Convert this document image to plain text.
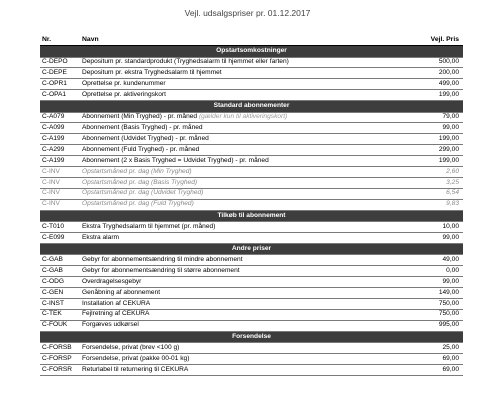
Vejl. udsalgspriser pr. 01.12.2017
Nr.	Navn	Vejl. Pris
Opstartsomkostninger		
C-DEPO	Depositum pr. standardprodukt (Tryghedsalarm til hjemmet eller farten)	500,00
C-DEPE	Depositum pr. ekstra Tryghedsalarm til hjemmet	200,00
C-OPR1	Oprettelse pr. kundenummer	499,00
C-OPA1	Oprettelse pr. aktiveringskort	199,00
Standard abonnementer		
C-A079	Abonnement (Min Tryghed) - pr. måned (gælder kun til aktiveringskort)	79,00
C-A099	Abonnement (Basis Tryghed) - pr. måned	99,00
C-A199	Abonnement (Udvidet Tryghed) - pr. måned	199,00
C-A299	Abonnement (Fuld Tryghed) - pr. måned	299,00
C-A199	Abonnement (2 x Basis Tryghed = Udvidet Tryghed) - pr. måned	199,00
C-INV	Opstartsmåned pr. dag (Min Tryghed)	2,60
C-INV	Opstartsmåned pr. dag (Basis Tryghed)	3,25
C-INV	Opstartsmåned pr. dag (Udvidet Tryghed)	6,54
C-INV	Opstartsmåned pr. dag (Fuld Tryghed)	9,83
Tilkøb til abonnement		
C-T010	Ekstra Tryghedsalarm til hjemmet (pr. måned)	10,00
C-E099	Ekstra alarm	99,00
Andre priser		
C-GAB	Gebyr for abonnementsændring til mindre abonnement	49,00
C-GAB	Gebyr for abonnementsændring til større abonnement	0,00
C-ODG	Overdragelsesgebyr	99,00
C-GEN	Genåbning af abonnement	149,00
C-INST	Installation af CEKURA	750,00
C-TEK	Fejlretning af CEKURA	750,00
C-FOUK	Forgæves udkørsel	995,00
Forsendelse		
C-FORSB	Forsendelse, privat (brev <100 g)	25,00
C-FORSP	Forsendelse, privat (pakke 00-01 kg)	69,00
C-FORSR	Returlabel til returnering til CEKURA	69,00
